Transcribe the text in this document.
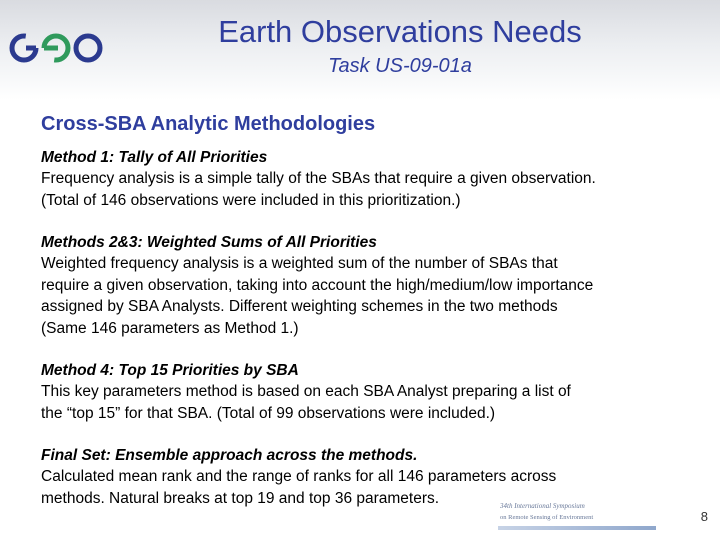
Earth Observations Needs
Task US-09-01a
Cross-SBA Analytic Methodologies
Method 1: Tally of All Priorities
Frequency analysis is a simple tally of the SBAs that require a given observation.
(Total of 146 observations were included in this prioritization.)
Methods 2&3: Weighted Sums of All Priorities
Weighted frequency analysis is a weighted sum of the number of SBAs that
require a given observation, taking into account the high/medium/low importance
assigned by SBA Analysts. Different weighting schemes in the two methods
(Same 146 parameters as Method 1.)
Method 4: Top 15 Priorities by SBA
This key parameters method is based on each SBA Analyst preparing a list of
the “top 15” for that SBA. (Total of 99 observations were included.)
Final Set: Ensemble approach across the methods.
Calculated mean rank and the range of ranks for all 146 parameters across
methods. Natural breaks at top 19 and top 36 parameters.	34th International Symposium
on Remote Sensing of Environment	8
